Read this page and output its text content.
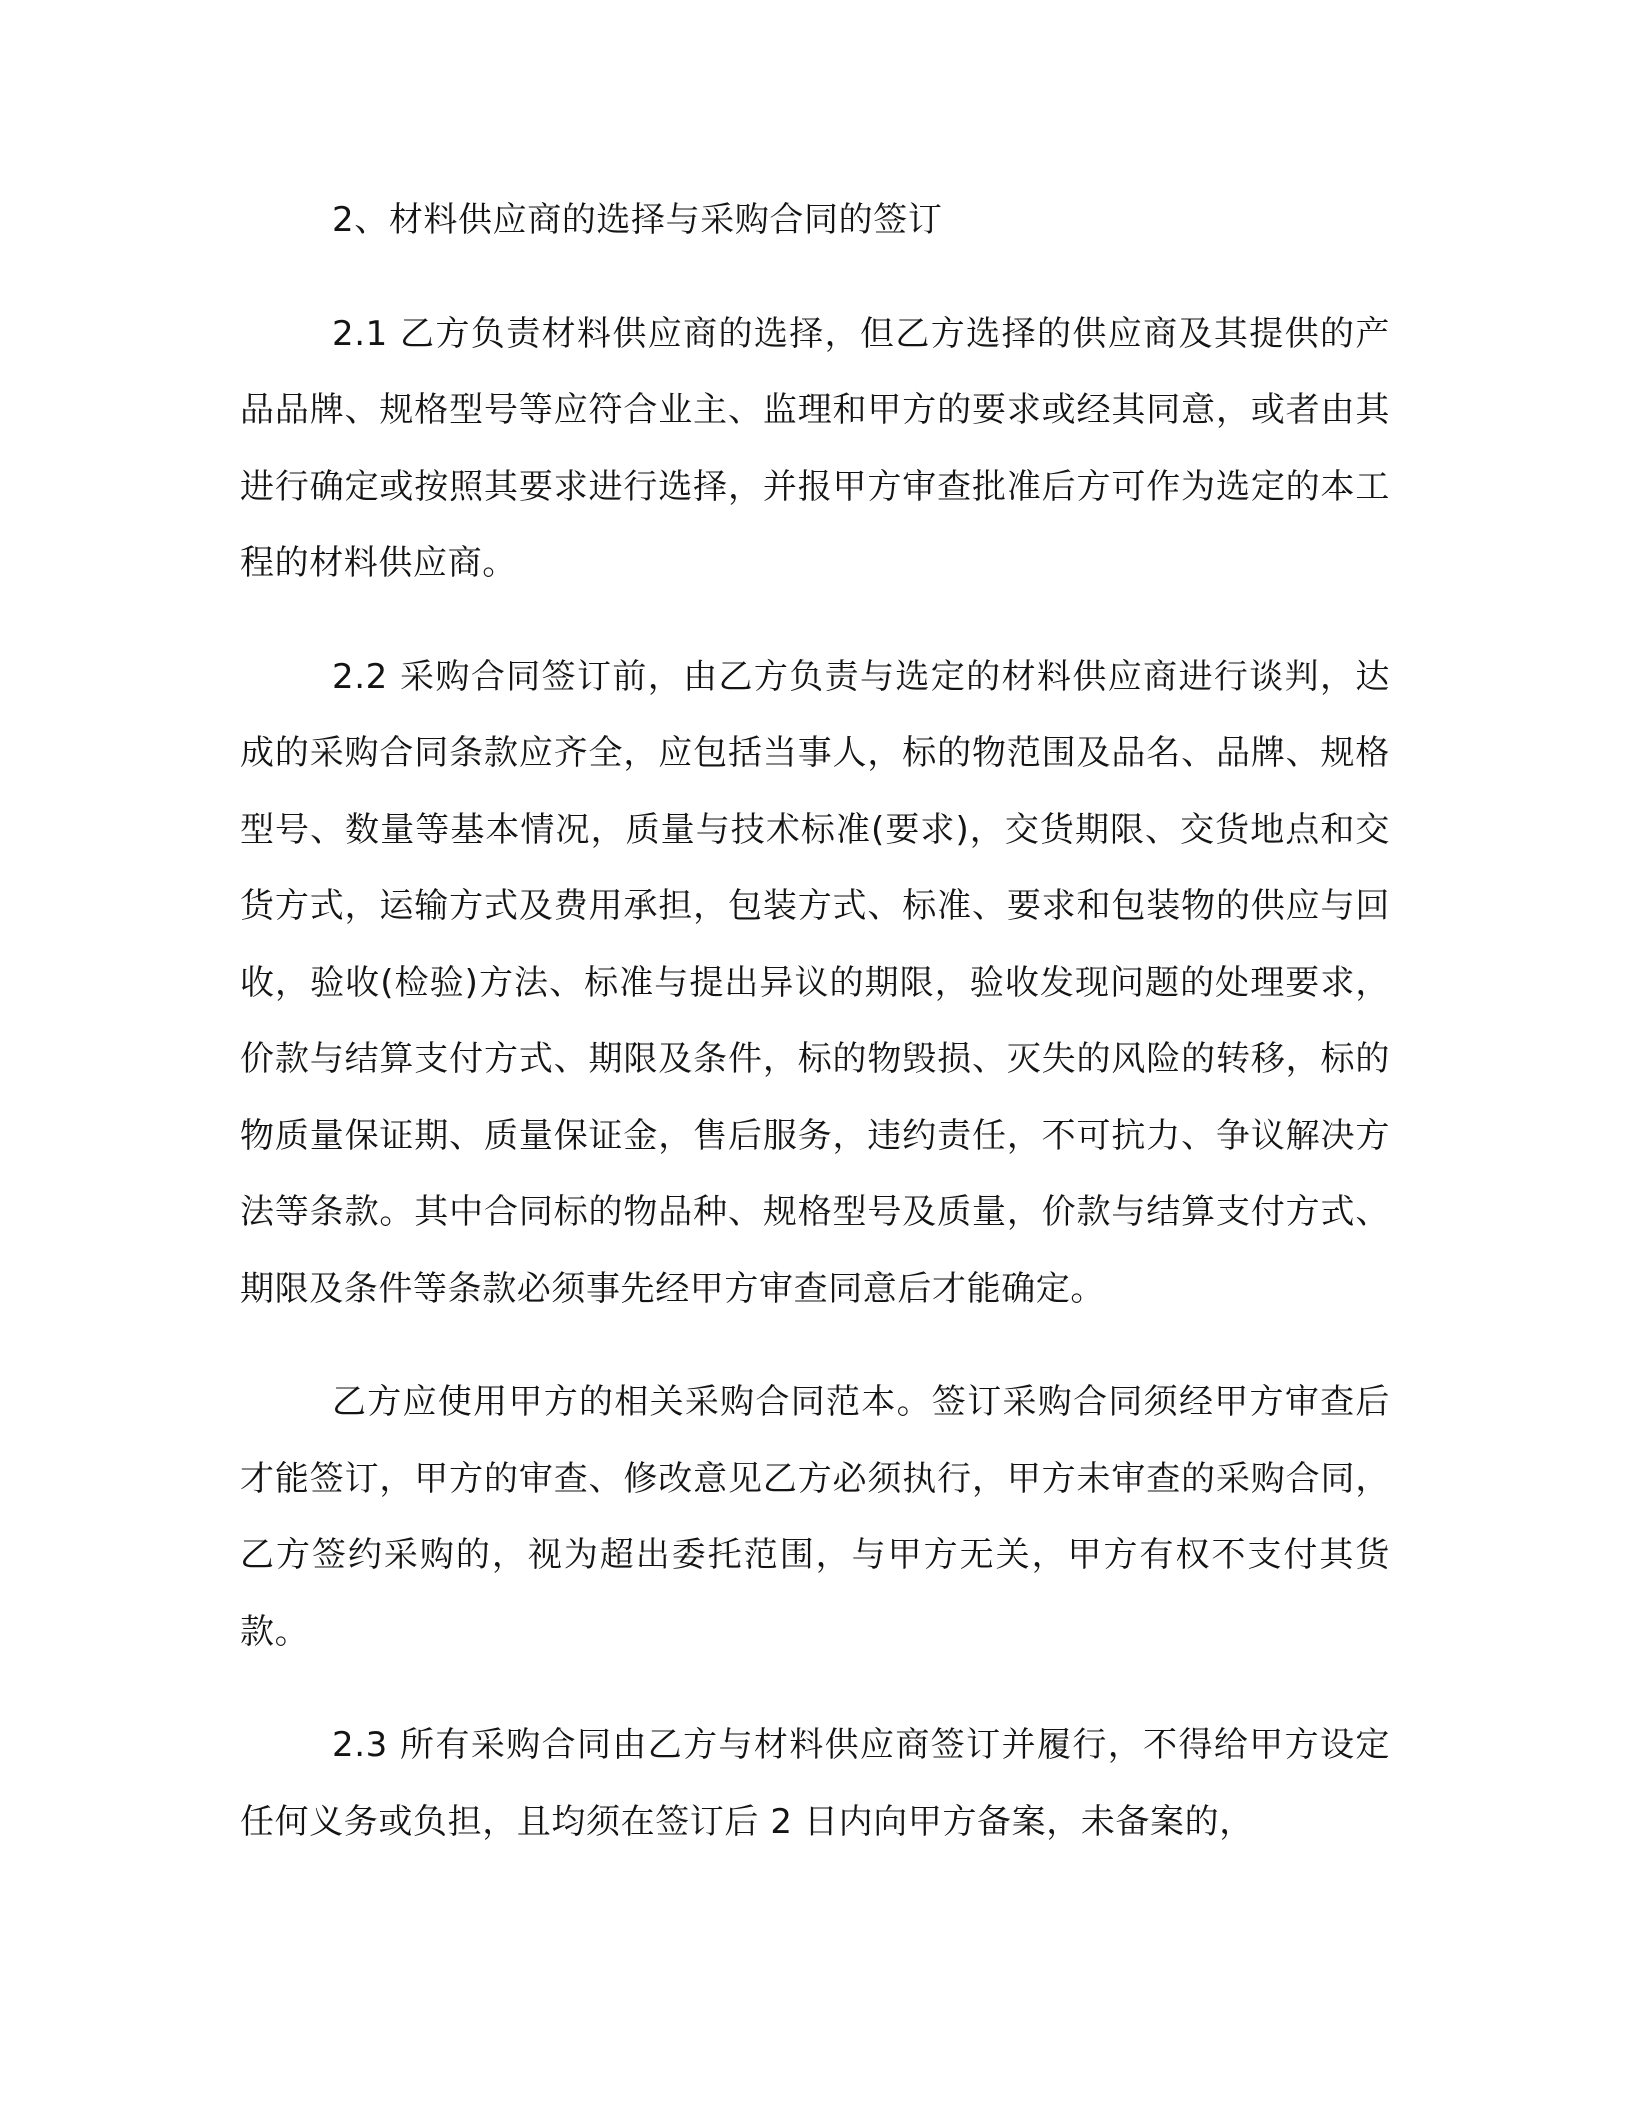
2、材料供应商的选择与采购合同的签订

2.1 乙方负责材料供应商的选择，但乙方选择的供应商及其提供的产品品牌、规格型号等应符合业主、监理和甲方的要求或经其同意，或者由其进行确定或按照其要求进行选择，并报甲方审查批准后方可作为选定的本工程的材料供应商。

2.2 采购合同签订前，由乙方负责与选定的材料供应商进行谈判，达成的采购合同条款应齐全，应包括当事人，标的物范围及品名、品牌、规格型号、数量等基本情况，质量与技术标准(要求)，交货期限、交货地点和交货方式，运输方式及费用承担，包装方式、标准、要求和包装物的供应与回收，验收(检验)方法、标准与提出异议的期限，验收发现问题的处理要求，价款与结算支付方式、期限及条件，标的物毁损、灭失的风险的转移，标的物质量保证期、质量保证金，售后服务，违约责任，不可抗力、争议解决方法等条款。其中合同标的物品种、规格型号及质量，价款与结算支付方式、期限及条件等条款必须事先经甲方审查同意后才能确定。

乙方应使用甲方的相关采购合同范本。签订采购合同须经甲方审查后才能签订，甲方的审查、修改意见乙方必须执行，甲方未审查的采购合同，乙方签约采购的，视为超出委托范围，与甲方无关，甲方有权不支付其货款。

2.3 所有采购合同由乙方与材料供应商签订并履行，不得给甲方设定任何义务或负担，且均须在签订后 2 日内向甲方备案，未备案的，
